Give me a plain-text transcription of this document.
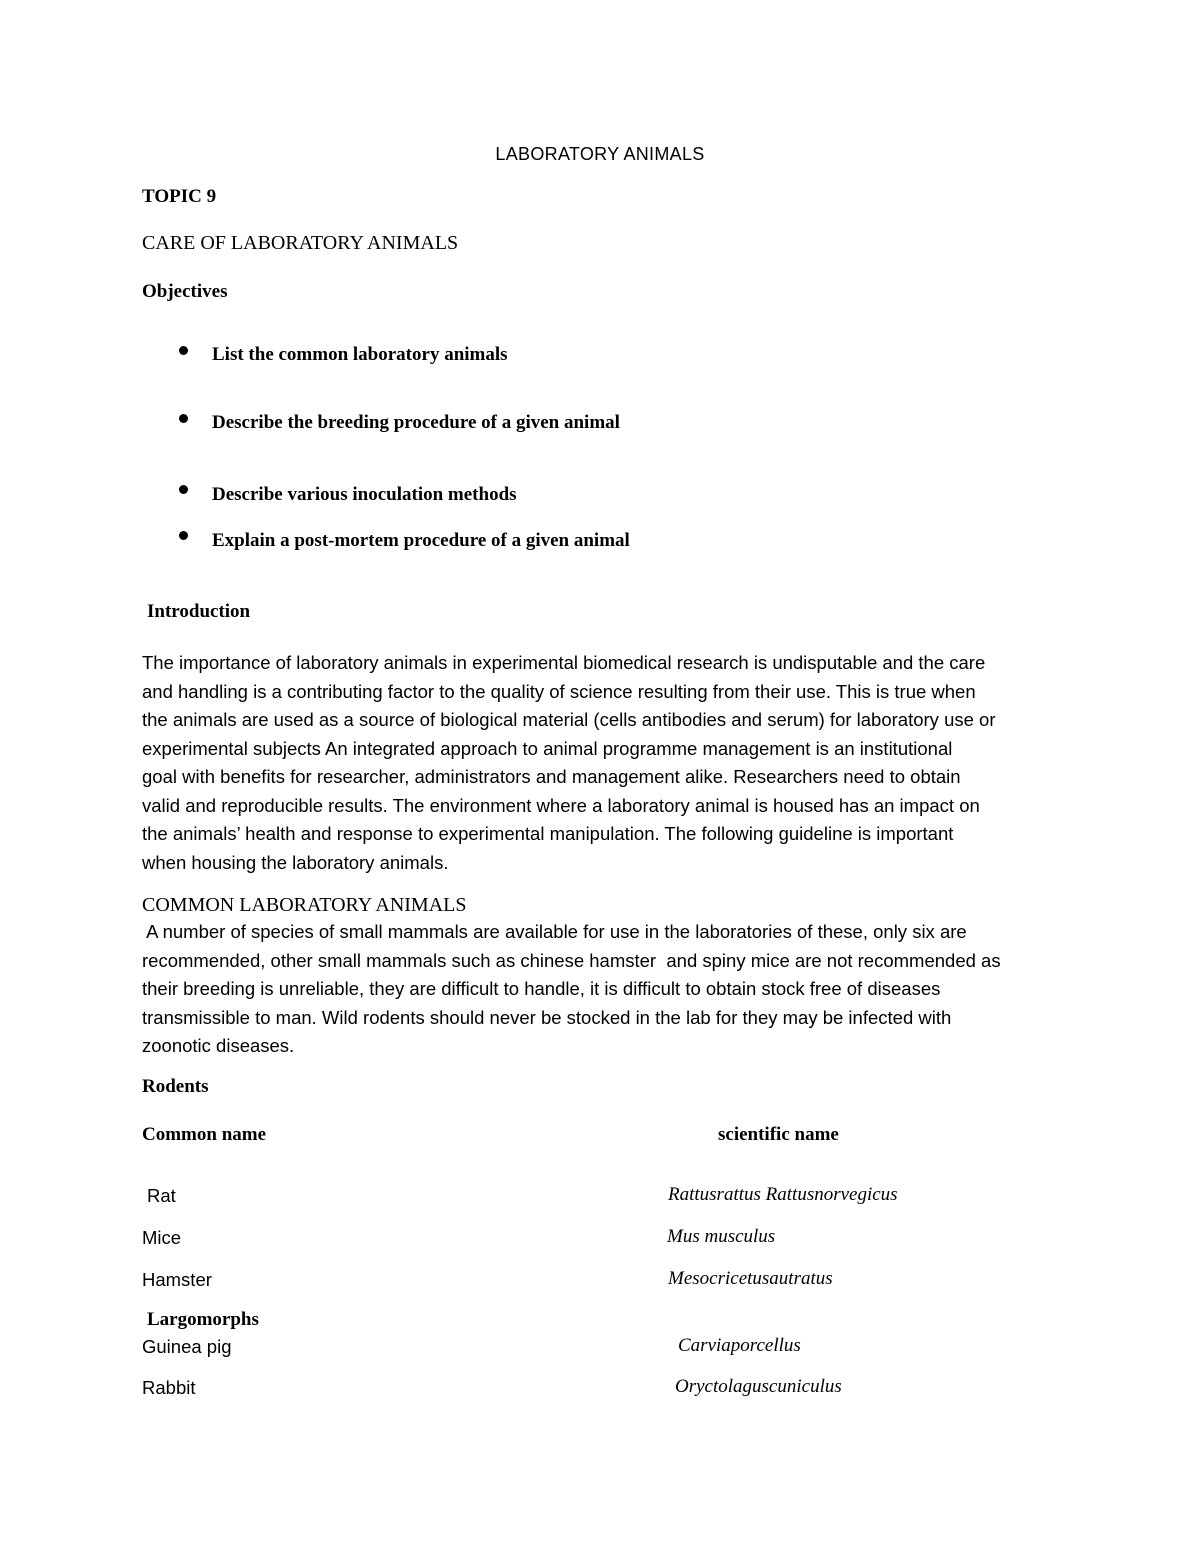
LABORATORY ANIMALS
TOPIC 9
CARE OF LABORATORY ANIMALS
Objectives
List the common laboratory animals
Describe the breeding procedure of a given animal
Describe various inoculation methods
Explain a post-mortem procedure of a given animal
Introduction
The importance of laboratory animals in experimental biomedical research is undisputable and the care
and handling is a contributing factor to the quality of science resulting from their use. This is true when
the animals are used as a source of biological material (cells antibodies and serum) for laboratory use or
experimental subjects An integrated approach to animal programme management is an institutional
goal with benefits for researcher, administrators and management alike. Researchers need to obtain
valid and reproducible results. The environment where a laboratory animal is housed has an impact on
the animals’ health and response to experimental manipulation. The following guideline is important
when housing the laboratory animals.
COMMON LABORATORY ANIMALS
A number of species of small mammals are available for use in the laboratories of these, only six are
recommended, other small mammals such as chinese hamster  and spiny mice are not recommended as
their breeding is unreliable, they are difficult to handle, it is difficult to obtain stock free of diseases
transmissible to man. Wild rodents should never be stocked in the lab for they may be infected with
zoonotic diseases.
Rodents
Common name	scientific name
Rat	Rattusrattus Rattusnorvegicus
Mice	Mus musculus
Hamster	Mesocricetusautratus
Largomorphs
Guinea pig	Carviaporcellus
Rabbit	Oryctolaguscuniculus
